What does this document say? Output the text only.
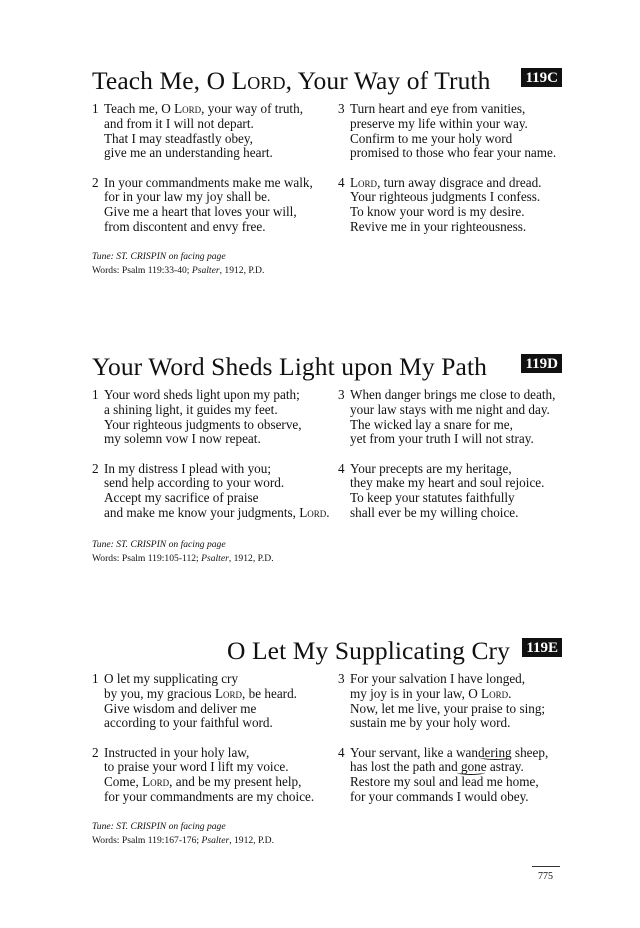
Teach Me, O Lord, Your Way of Truth 119C
1 Teach me, O Lord, your way of truth,
and from it I will not depart.
That I may steadfastly obey,
give me an understanding heart.
2 In your commandments make me walk,
for in your law my joy shall be.
Give me a heart that loves your will,
from discontent and envy free.
3 Turn heart and eye from vanities,
preserve my life within your way.
Confirm to me your holy word
promised to those who fear your name.
4 Lord, turn away disgrace and dread.
Your righteous judgments I confess.
To know your word is my desire.
Revive me in your righteousness.
Tune: ST. CRISPIN on facing page
Words: Psalm 119:33-40; Psalter, 1912, P.D.
Your Word Sheds Light upon My Path	119D
1 Your word sheds light upon my path;
a shining light, it guides my feet.
Your righteous judgments to observe,
my solemn vow I now repeat.
2 In my distress I plead with you;
send help according to your word.
Accept my sacrifice of praise
and make me know your judgments, Lord.
3 When danger brings me close to death,
your law stays with me night and day.
The wicked lay a snare for me,
yet from your truth I will not stray.
4 Your precepts are my heritage,
they make my heart and soul rejoice.
To keep your statutes faithfully
shall ever be my willing choice.
Tune: ST. CRISPIN on facing page
Words: Psalm 119:105-112; Psalter, 1912, P.D.
O Let My Supplicating Cry 119E
1 O let my supplicating cry
by you, my gracious Lord, be heard.
Give wisdom and deliver me
according to your faithful word.
2 Instructed in your holy law,
to praise your word I lift my voice.
Come, Lord, and be my present help,
for your commandments are my choice.
3 For your salvation I have longed,
my joy is in your law, O Lord.
Now, let me live, your praise to sing;
sustain me by your holy word.
4 Your servant, like a wandering sheep,
has lost the path and gone astray.
Restore my soul and lead me home,
for your commands I would obey.
Tune: ST. CRISPIN on facing page
Words: Psalm 119:167-176; Psalter, 1912, P.D.
775
